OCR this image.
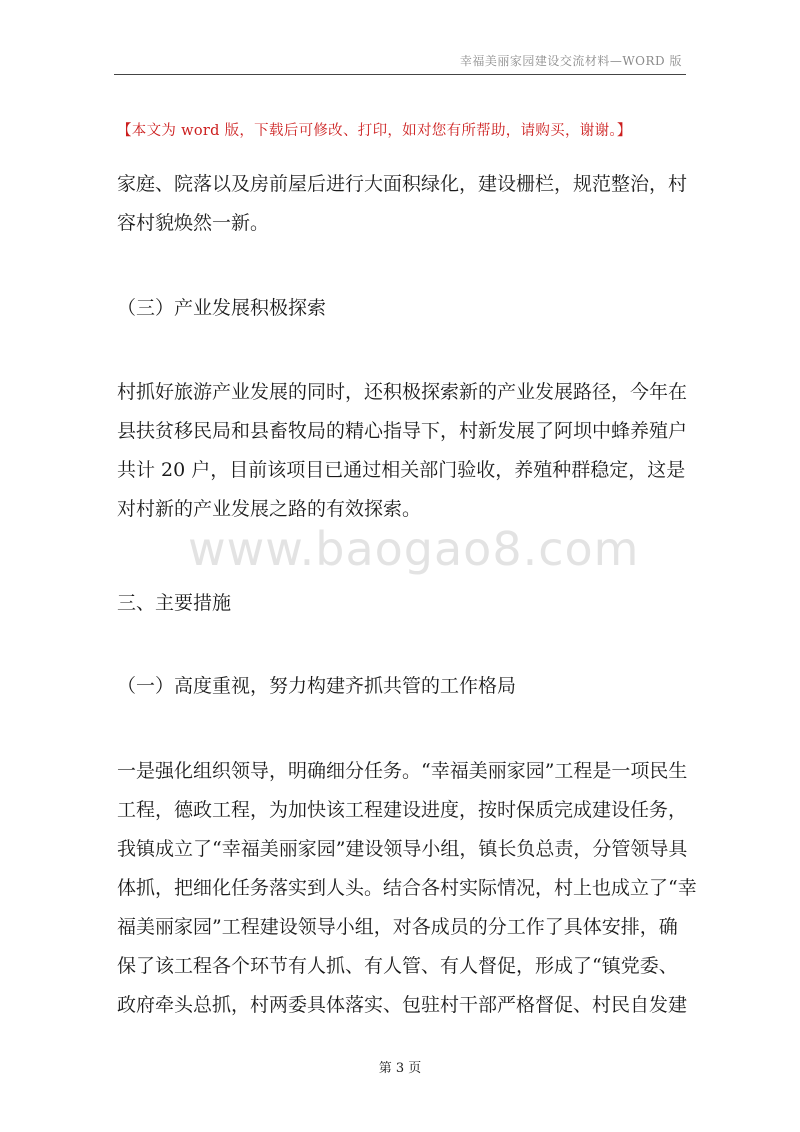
幸福美丽家园建设交流材料—WORD 版
【本文为 word 版，下载后可修改、打印，如对您有所帮助，请购买，谢谢。】
www.baogao8.com
家庭、院落以及房前屋后进行大面积绿化，建设栅栏，规范整治，村
容村貌焕然一新。
（三）产业发展积极探索
村抓好旅游产业发展的同时，还积极探索新的产业发展路径，今年在
县扶贫移民局和县畜牧局的精心指导下，村新发展了阿坝中蜂养殖户
共计 20 户，目前该项目已通过相关部门验收，养殖种群稳定，这是
对村新的产业发展之路的有效探索。
三、主要措施
（一）高度重视，努力构建齐抓共管的工作格局
一是强化组织领导，明确细分任务。“幸福美丽家园”工程是一项民生
工程，德政工程，为加快该工程建设进度，按时保质完成建设任务，
我镇成立了“幸福美丽家园”建设领导小组，镇长负总责，分管领导具
体抓，把细化任务落实到人头。结合各村实际情况，村上也成立了“幸
福美丽家园”工程建设领导小组，对各成员的分工作了具体安排，确
保了该工程各个环节有人抓、有人管、有人督促，形成了“镇党委、
政府牵头总抓，村两委具体落实、包驻村干部严格督促、村民自发建
第 3 页
